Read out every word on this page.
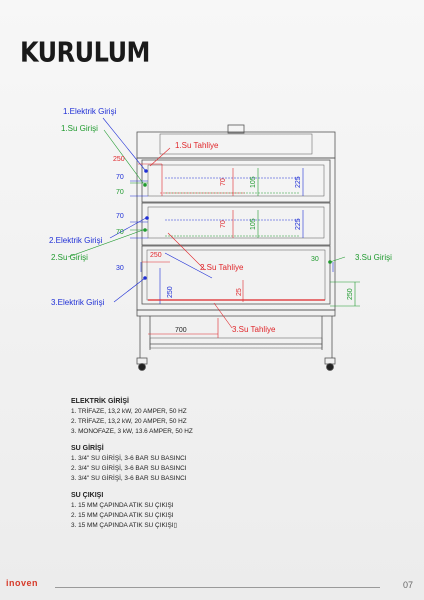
KURULUM
1.Elektrik Girişi
1.Su Girişi
1.Su Tahliye
2.Elektrik Girişi
2.Su Girişi
2.Su Tahliye
3.Su Girişi
3.Elektrik Girişi
3.Su Tahliye
250
70
70
70
70
70
70
105
105
225
225
250
30
30
250	25	250
700
ELEKTRİK GİRİŞİ
1. TRİFAZE, 13,2 kW, 20 AMPER, 50 HZ
2. TRİFAZE, 13,2 kW, 20 AMPER, 50 HZ
3. MONOFAZE, 3 kW, 13.6 AMPER, 50 HZ
SU GİRİŞİ
1. 3/4" SU GİRİŞİ, 3-6 BAR SU BASINCI
2. 3/4" SU GİRİŞİ, 3-6 BAR SU BASINCI
3. 3/4" SU GİRİŞİ, 3-6 BAR SU BASINCI
SU ÇIKIŞI
1. 15 MM ÇAPINDA ATIK SU ÇIKIŞI
2. 15 MM ÇAPINDA ATIK SU ÇIKIŞI
3. 15 MM ÇAPINDA ATIK SU ÇIKIŞI▯
inoven	07
